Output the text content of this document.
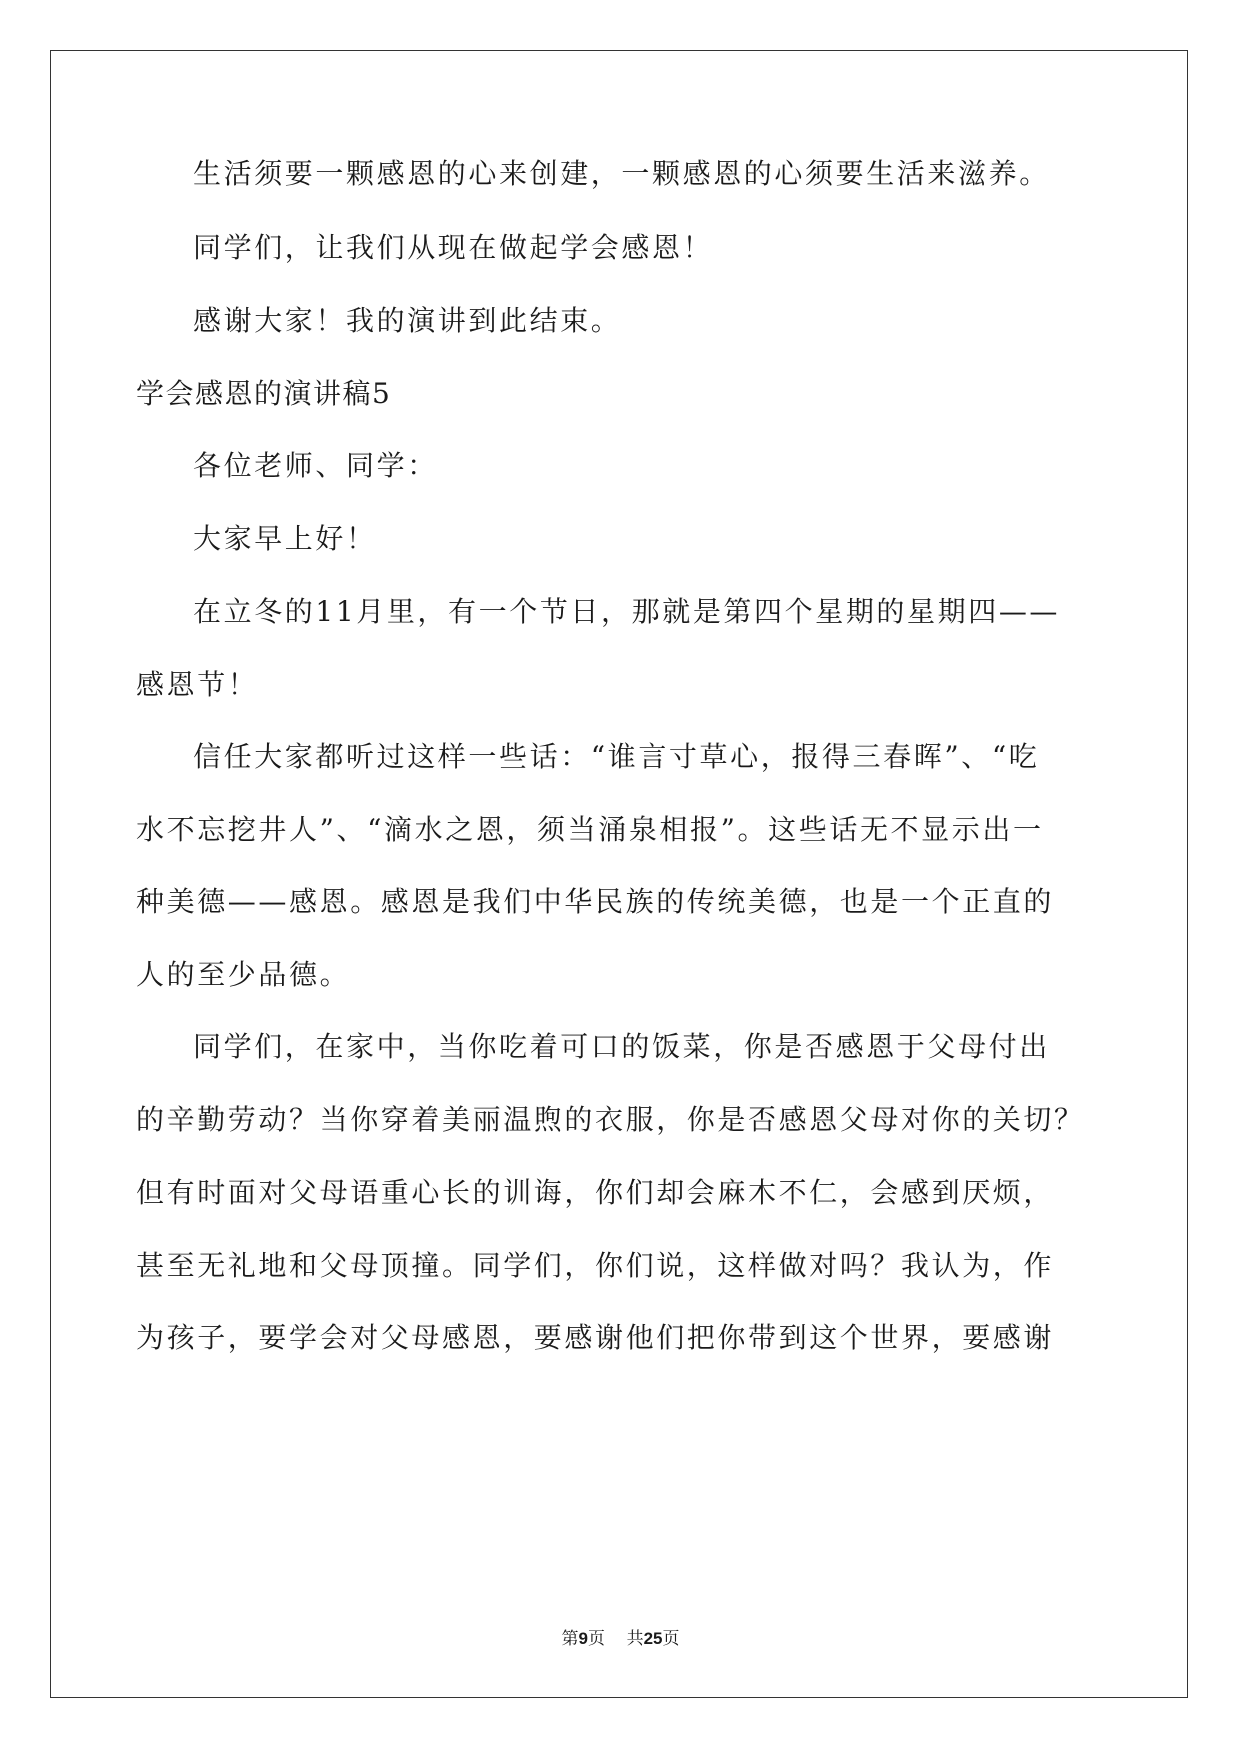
生活须要一颗感恩的心来创建，一颗感恩的心须要生活来滋养。
同学们，让我们从现在做起学会感恩！
感谢大家！我的演讲到此结束。
学会感恩的演讲稿5
各位老师、同学：
大家早上好！
在立冬的11月里，有一个节日，那就是第四个星期的星期四——
感恩节！
信任大家都听过这样一些话：“谁言寸草心，报得三春晖”、“吃
水不忘挖井人”、“滴水之恩，须当涌泉相报”。这些话无不显示出一
种美德——感恩。感恩是我们中华民族的传统美德，也是一个正直的
人的至少品德。
同学们，在家中，当你吃着可口的饭菜，你是否感恩于父母付出
的辛勤劳动？当你穿着美丽温煦的衣服，你是否感恩父母对你的关切？
但有时面对父母语重心长的训诲，你们却会麻木不仁，会感到厌烦，
甚至无礼地和父母顶撞。同学们，你们说，这样做对吗？我认为，作
为孩子，要学会对父母感恩，要感谢他们把你带到这个世界，要感谢
第9页 共25页
